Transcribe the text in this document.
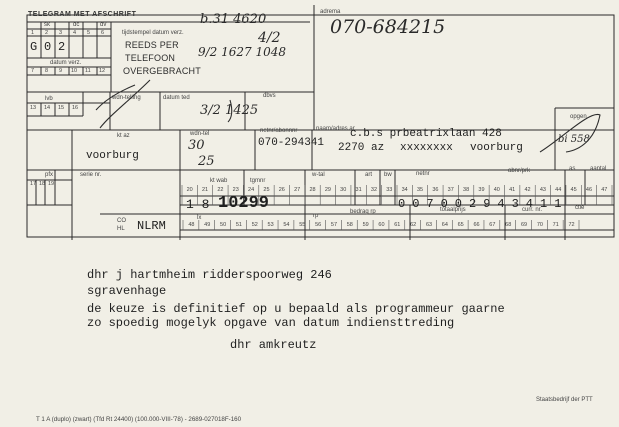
TELEGRAM MET AFSCHRIFT
tijdstempel datum verz.
adrema
070-684215
REEDS PER
TELEFOON
OVERGEBRACHT
b.31 4620
4/2
9/2 1627 1048
sk	dc	dv
1 2 3 4 5 6
G 0 2
datum verz.
7 8 9 10 11 12
lvb
13 14 15 16
wdn-telling	datum ted	dbvs
3/2 1425
kt az
voorburg
wdn-tel
30
25
netnr/abonnnr
070-294341
naam/adres ar
c.b.s prbeatrixlaan 428
2270 az xxxxxxxx voorburg
opgen.
bi 558
pfx
17 18 19
serie nr.
kt wab	tgmnr
w-tal	art bw	netnr	abnr/prk	as aantal
20	21	22	23	24	25	26	27	28	29	30	31	32	33	34	35	36	37	38	39	40	41	42	43	44	45	46	47
1 8 10299	0 0 7 0 0 2 9 4 3 4 1 1
CO
HL NLRM
lx	rp
bedrag rp	totaalprijs	curr. nr.	ctie
48	49	50	51	52	53	54	55	56	57	58	59	60	61	62	63	64	65	66	67	68	69	70	71	72
dhr j hartmheim ridderspoorweg 246
sgravenhage
de keuze is definitief op u bepaald als programmeur gaarne
zo spoedig mogelyk opgave van datum indiensttreding
dhr amkreutz
T 1 A (duplo) (zwart) (Tfd Rt 24400) (100.000-VIII-'78) - 2689-027018F-160
Staatsbedrijf der PTT
